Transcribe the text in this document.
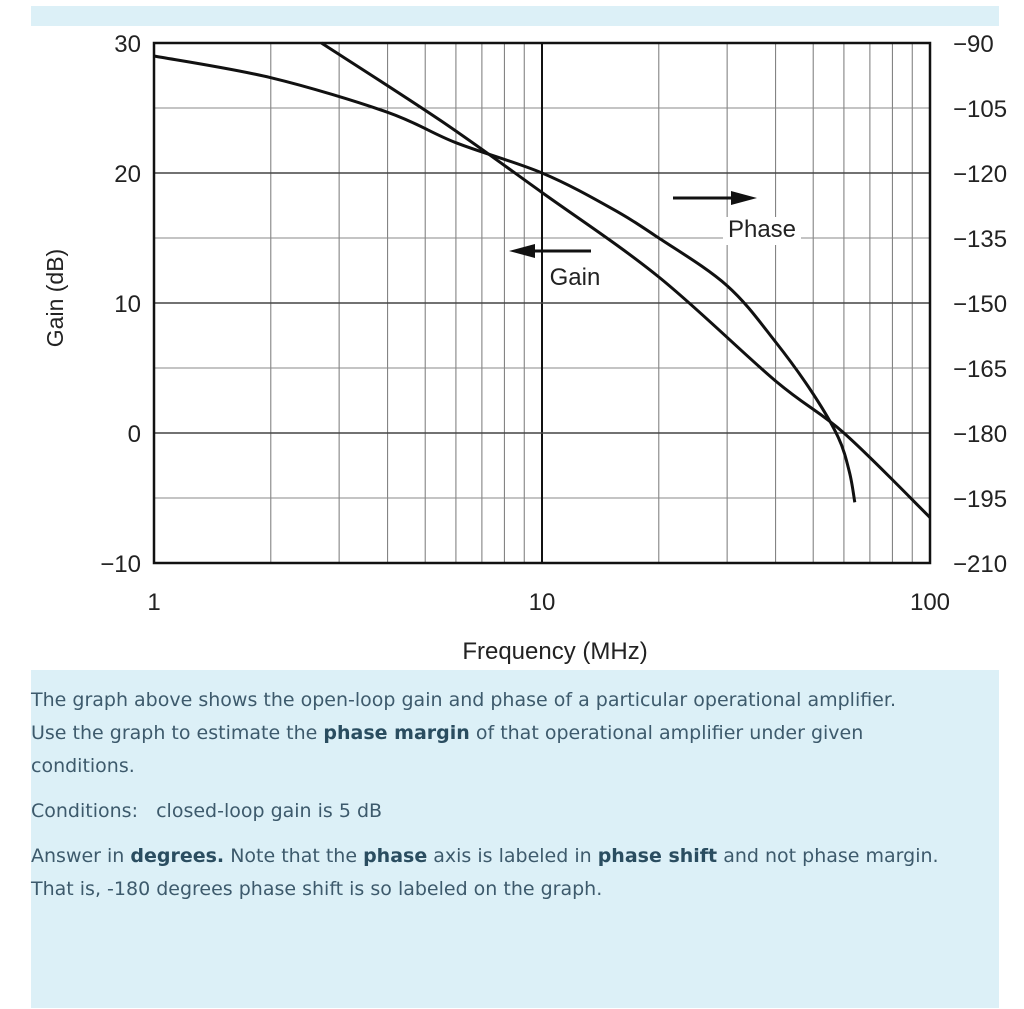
Gain
Phase
1	10	100
30
20
10
0
−10
−90
−105
−120
−135
−150
−165
−180
−195
−210
Frequency (MHz)
Gain (dB)

The graph above shows the open-loop gain and phase of a particular operational amplifier.

Use the graph to estimate the phase margin of that operational amplifier under given conditions.

Conditions: closed-loop gain is 5 dB

Answer in degrees. Note that the phase axis is labeled in phase shift and not phase margin.

That is, -180 degrees phase shift is so labeled on the graph.
